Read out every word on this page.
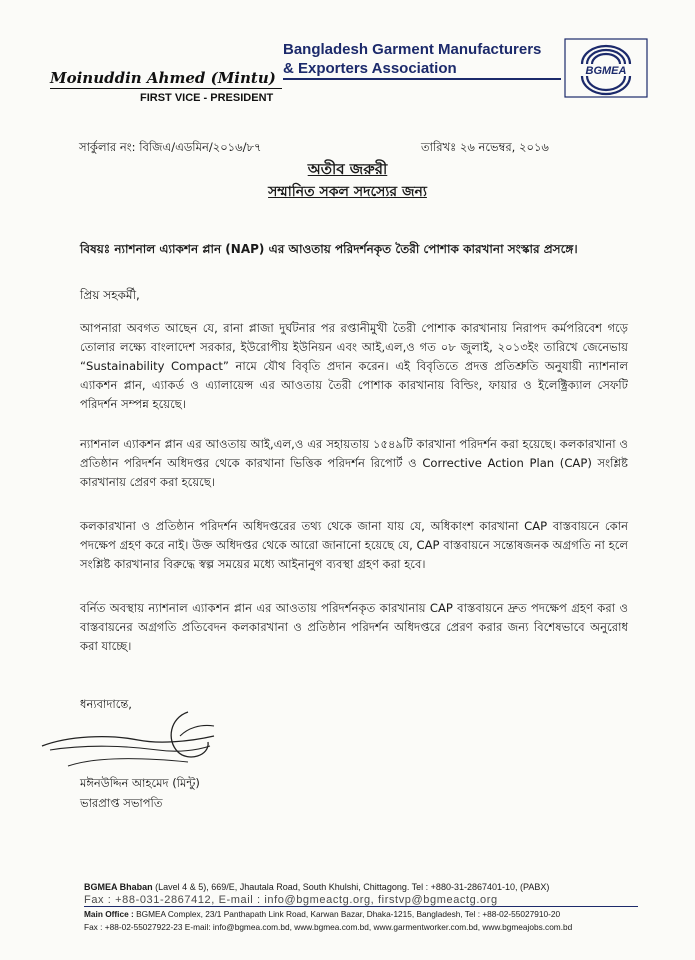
Bangladesh Garment Manufacturers
& Exporters Association	BGMEA
Moinuddin Ahmed (Mintu)
FIRST VICE - PRESIDENT
সার্কুলার নং: বিজিএ/এডমিন/২০১৬/৮৭	তারিখঃ ২৬ নভেম্বর, ২০১৬
অতীব জরুরী
সম্মানিত সকল সদস্যের জন্য
বিষয়ঃ ন্যাশনাল এ্যাকশন প্লান (NAP) এর আওতায় পরিদর্শনকৃত তৈরী পোশাক কারখানা সংস্কার প্রসঙ্গে।
প্রিয় সহকর্মী,
আপনারা অবগত আছেন যে, রানা প্লাজা দুর্ঘটনার পর রপ্তানীমুখী তৈরী পোশাক কারখানায় নিরাপদ কর্মপরিবেশ গড়ে তোলার লক্ষ্যে বাংলাদেশ সরকার, ইউরোপীয় ইউনিয়ন এবং আই,এল,ও গত ০৮ জুলাই, ২০১৩ইং তারিখে জেনেভায় “Sustainability Compact” নামে যৌথ বিবৃতি প্রদান করেন। এই বিবৃতিতে প্রদত্ত প্রতিশ্রুতি অনুযায়ী ন্যাশনাল এ্যাকশন প্লান, এ্যাকর্ড ও এ্যালায়েন্স এর আওতায় তৈরী পোশাক কারখানায় বিল্ডিং, ফায়ার ও ইলেক্ট্রিক্যাল সেফটি পরিদর্শন সম্পন্ন হয়েছে।
ন্যাশনাল এ্যাকশন প্লান এর আওতায় আই,এল,ও এর সহায়তায় ১৫৪৯টি কারখানা পরিদর্শন করা হয়েছে। কলকারখানা ও প্রতিষ্ঠান পরিদর্শন অধিদপ্তর থেকে কারখানা ভিত্তিক পরিদর্শন রিপোর্ট ও Corrective Action Plan (CAP) সংশ্লিষ্ট কারখানায় প্রেরণ করা হয়েছে।
কলকারখানা ও প্রতিষ্ঠান পরিদর্শন অধিদপ্তরের তথ্য থেকে জানা যায় যে, অধিকাংশ কারখানা CAP বাস্তবায়নে কোন পদক্ষেপ গ্রহণ করে নাই। উক্ত অধিদপ্তর থেকে আরো জানানো হয়েছে যে, CAP বাস্তবায়নে সন্তোষজনক অগ্রগতি না হলে সংশ্লিষ্ট কারখানার বিরুদ্ধে স্বল্প সময়ের মধ্যে আইনানুগ ব্যবস্থা গ্রহণ করা হবে।
বর্নিত অবস্থায় ন্যাশনাল এ্যাকশন প্লান এর আওতায় পরিদর্শনকৃত কারখানায় CAP বাস্তবায়নে দ্রুত পদক্ষেপ গ্রহণ করা ও বাস্তবায়নের অগ্রগতি প্রতিবেদন কলকারখানা ও প্রতিষ্ঠান পরিদর্শন অধিদপ্তরে প্রেরণ করার জন্য বিশেষভাবে অনুরোধ করা যাচ্ছে।
ধন্যবাদান্তে,
মঈনউদ্দিন আহমেদ (মিন্টু)
ভারপ্রাপ্ত সভাপতি
BGMEA Bhaban (Lavel 4 & 5), 669/E, Jhautala Road, South Khulshi, Chittagong. Tel : +880-31-2867401-10, (PABX)
Fax : +88-031-2867412, E-mail : info@bgmeactg.org, firstvp@bgmeactg.org
Main Office : BGMEA Complex, 23/1 Panthapath Link Road, Karwan Bazar, Dhaka-1215, Bangladesh, Tel : +88-02-55027910-20
Fax : +88-02-55027922-23 E-mail: info@bgmea.com.bd, www.bgmea.com.bd, www.garmentworker.com.bd, www.bgmeajobs.com.bd
